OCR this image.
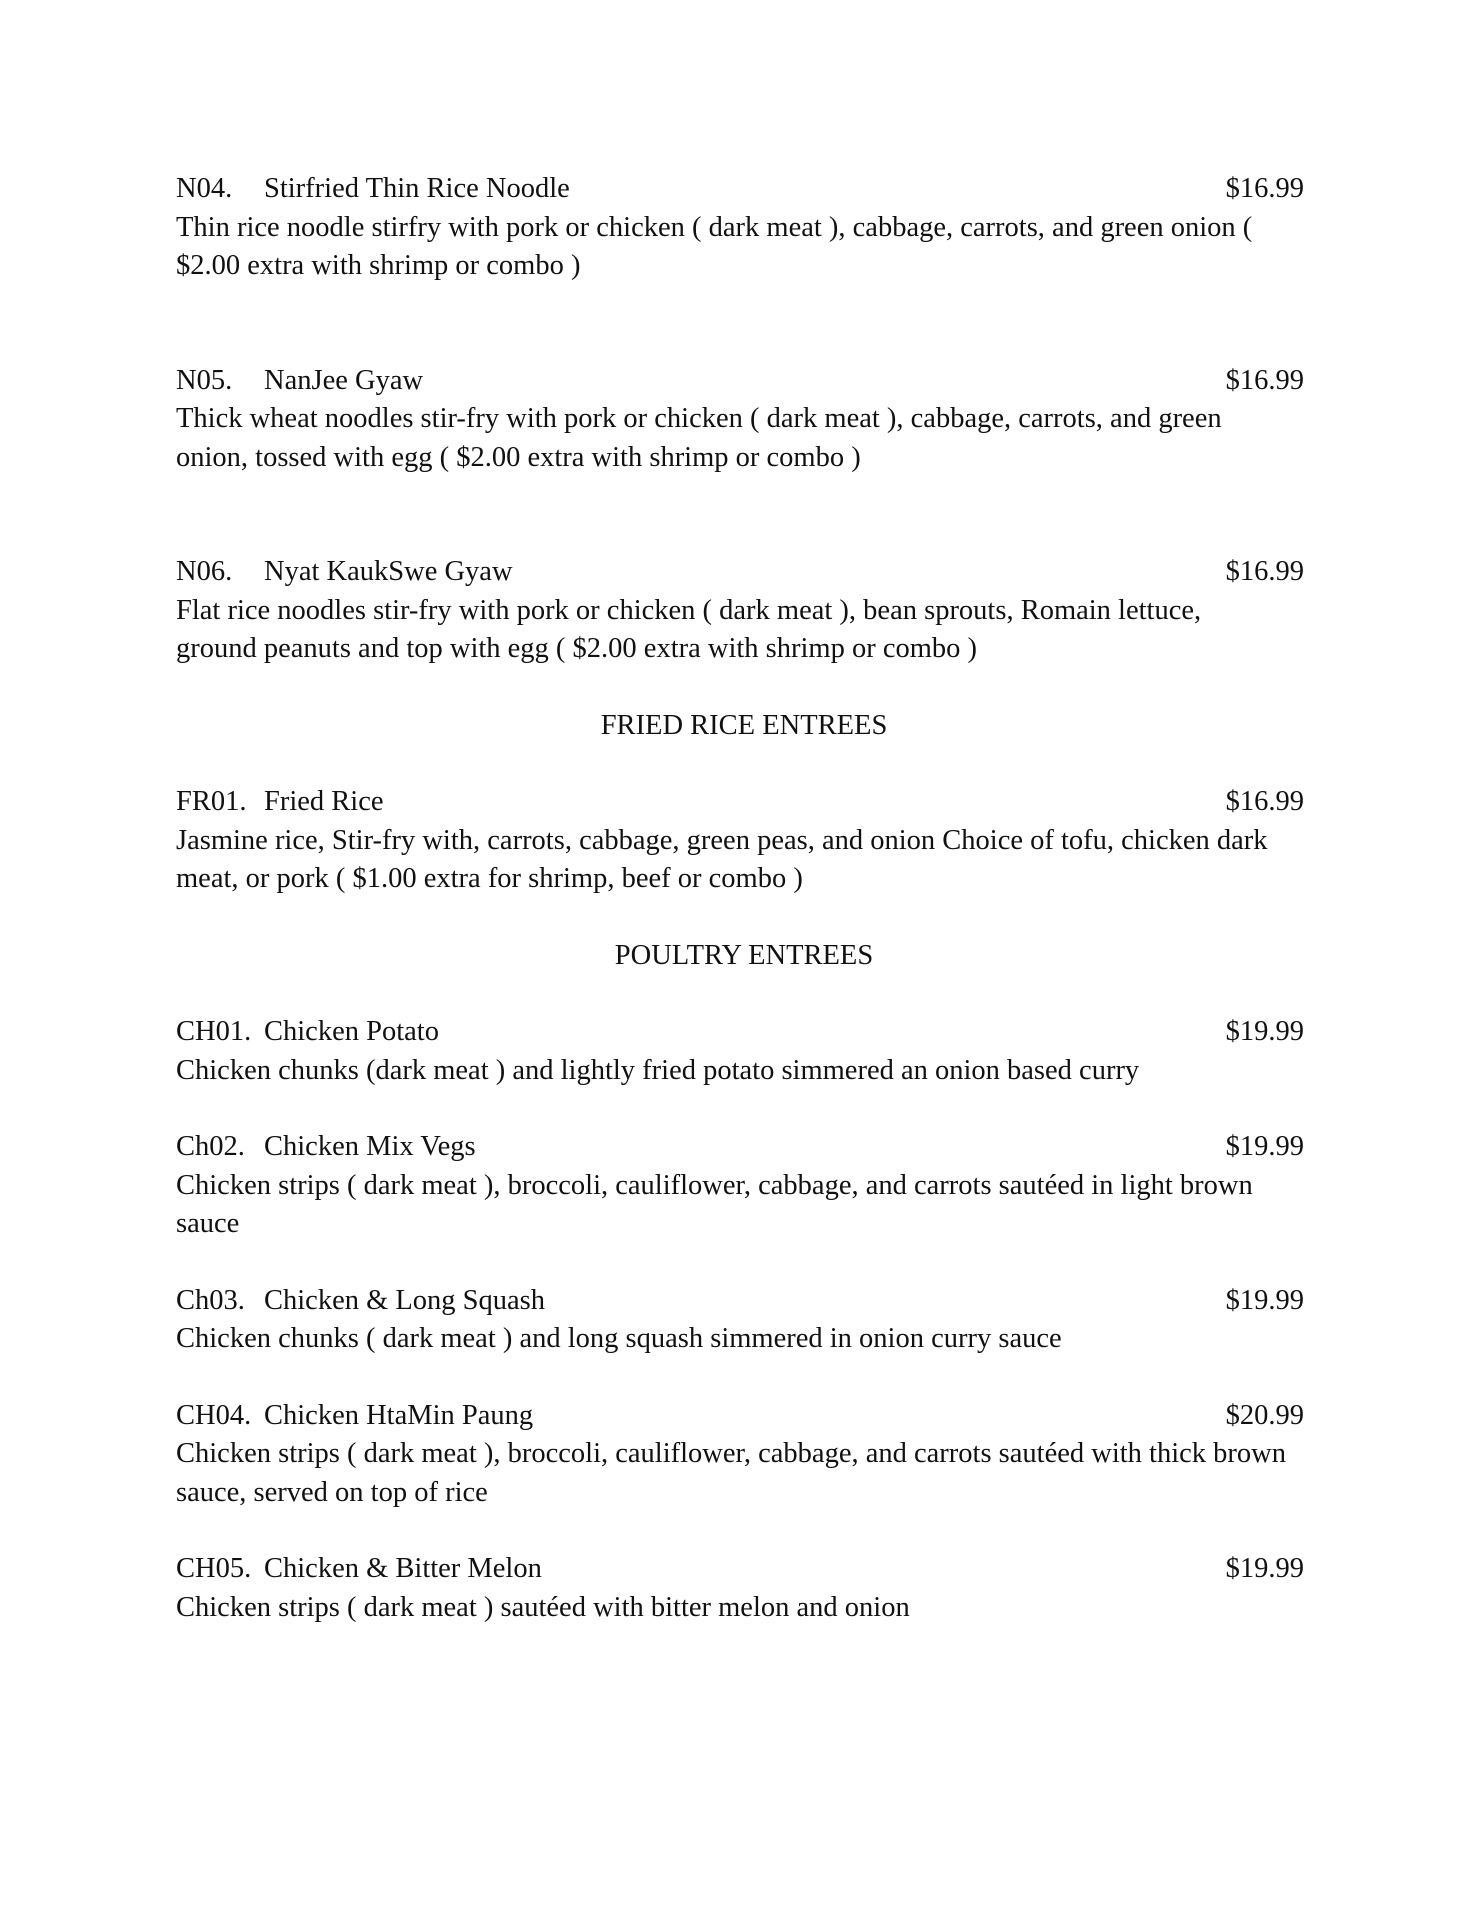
N04. Stirfried Thin Rice Noodle	$16.99

Thin rice noodle stirfry with pork or chicken ( dark meat ), cabbage, carrots, and green onion ( $2.00 extra with shrimp or combo )

N05. NanJee Gyaw	$16.99

Thick wheat noodles stir-fry with pork or chicken ( dark meat ), cabbage, carrots, and green onion, tossed with egg ( $2.00 extra with shrimp or combo )

N06. Nyat KaukSwe Gyaw	$16.99

Flat rice noodles stir-fry with pork or chicken ( dark meat ), bean sprouts, Romain lettuce, ground peanuts and top with egg ( $2.00 extra with shrimp or combo )

FRIED RICE ENTREES
FR01. Fried Rice	$16.99

Jasmine rice, Stir-fry with, carrots, cabbage, green peas, and onion Choice of tofu, chicken dark meat, or pork ( $1.00 extra for shrimp, beef or combo )

POULTRY ENTREES
CH01. Chicken Potato	$19.99

Chicken chunks (dark meat ) and lightly fried potato simmered an onion based curry

Ch02. Chicken Mix Vegs	$19.99

Chicken strips ( dark meat ), broccoli, cauliflower, cabbage, and carrots sautéed in light brown sauce

Ch03. Chicken & Long Squash	$19.99

Chicken chunks ( dark meat ) and long squash simmered in onion curry sauce

CH04. Chicken HtaMin Paung	$20.99

Chicken strips ( dark meat ), broccoli, cauliflower, cabbage, and carrots sautéed with thick brown sauce, served on top of rice

CH05. Chicken & Bitter Melon	$19.99

Chicken strips ( dark meat ) sautéed with bitter melon and onion
